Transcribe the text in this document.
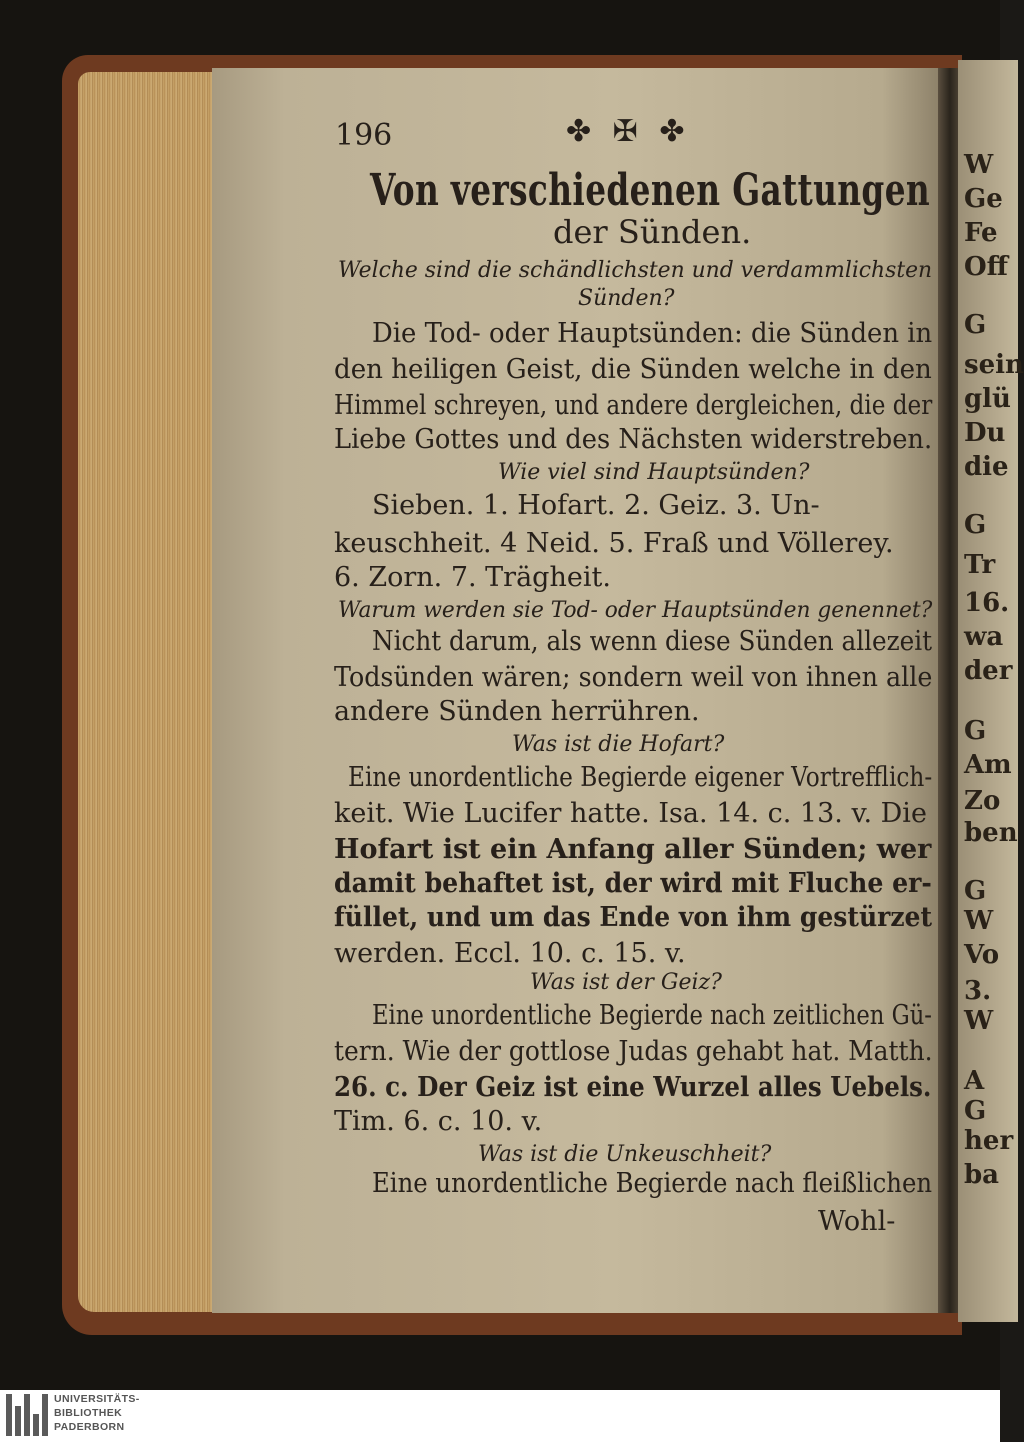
W
Ge
Fe
Off
G
sein
glü
Du
die
G
Tr
16.
wa
der
G
Am
Zo
ben
G
W
Vo
3.
W
A
G
her
ba
196	✤ ✠ ✤
Von verschiedenen Gattungen
der Sünden.
Welche sind die schändlichsten und verdammlichsten
Sünden?
Die Tod- oder Hauptsünden: die Sünden in
den heiligen Geist, die Sünden welche in den
Himmel schreyen, und andere dergleichen, die der
Liebe Gottes und des Nächsten widerstreben.
Wie viel sind Hauptsünden?
Sieben. 1. Hofart. 2. Geiz. 3. Un-
keuschheit. 4 Neid. 5. Fraß und Völlerey.
6. Zorn. 7. Trägheit.
Warum werden sie Tod- oder Hauptsünden genennet?
Nicht darum, als wenn diese Sünden allezeit
Todsünden wären; sondern weil von ihnen alle
andere Sünden herrühren.
Was ist die Hofart?
Eine unordentliche Begierde eigener Vortrefflich-
keit. Wie Lucifer hatte. Isa. 14. c. 13. v. Die
Hofart ist ein Anfang aller Sünden; wer
damit behaftet ist, der wird mit Fluche er-
füllet, und um das Ende von ihm gestürzet
werden. Eccl. 10. c. 15. v.
Was ist der Geiz?
Eine unordentliche Begierde nach zeitlichen Gü-
tern. Wie der gottlose Judas gehabt hat. Matth.
26. c. Der Geiz ist eine Wurzel alles Uebels.
Tim. 6. c. 10. v.
Was ist die Unkeuschheit?
Eine unordentliche Begierde nach fleißlichen
Wohl-
UNIVERSITÄTS-
BIBLIOTHEK
PADERBORN
